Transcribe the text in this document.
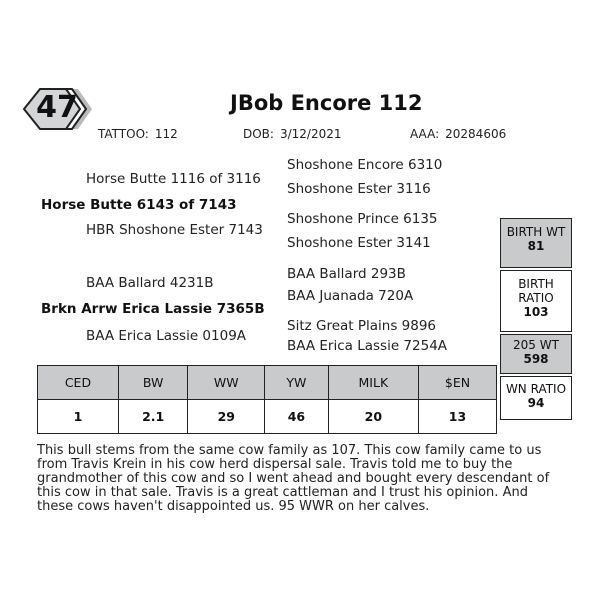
47	JBob Encore 112
TATTOO: 112	DOB: 3/12/2021	AAA: 20284606
Horse Butte 1116 of 3116
Horse Butte 6143 of 7143
HBR Shoshone Ester 7143
Shoshone Encore 6310
Shoshone Ester 3116
Shoshone Prince 6135
Shoshone Ester 3141
BAA Ballard 4231B
Brkn Arrw Erica Lassie 7365B
BAA Erica Lassie 0109A
BAA Ballard 293B
BAA Juanada 720A
Sitz Great Plains 9896
BAA Erica Lassie 7254A
BIRTH WT
81
BIRTH
RATIO
103
205 WT
598
WN RATIO
94
CED	BW	WW	YW	MILK	$EN
1	2.1	29	46	20	13
This bull stems from the same cow family as 107. This cow family came to us from Travis Krein in his cow herd dispersal sale. Travis told me to buy the grandmother of this cow and so I went ahead and bought every descendant of this cow in that sale. Travis is a great cattleman and I trust his opinion. And these cows haven't disappointed us. 95 WWR on her calves.
